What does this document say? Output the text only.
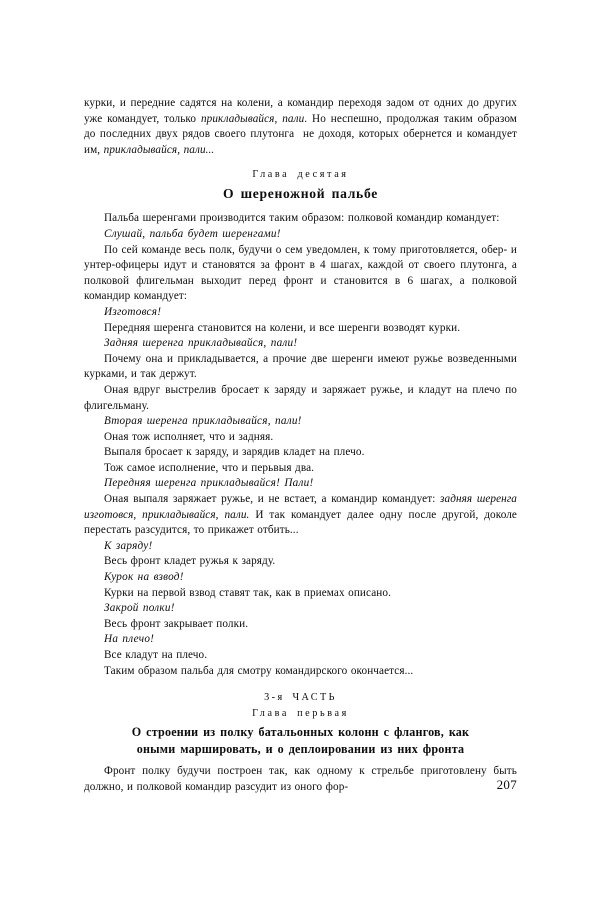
курки, и передние садятся на колени, а командир переходя задом от одних до других уже командует, только прикладывайся, пали. Но неспешно, продолжая таким образом до последних двух рядов своего плутонга  не доходя, которых обернется и командует им, прикладывайся, пали...

Глава десятая

О шереножной пальбе

Пальба шеренгами производится таким образом: полковой командир командует:

Слушай, пальба будет шеренгами!

По сей команде весь полк, будучи о сем уведомлен, к тому приготовляется, обер- и унтер-офицеры идут и становятся за фронт в 4 шагах, каждой от своего плутонга, а полковой флигельман выходит перед фронт и становится в 6 шагах, а полковой командир командует:

Изготовся!

Передняя шеренга становится на колени, и все шеренги возводят курки.

Задняя шеренга прикладывайся, пали!

Почему она и прикладывается, а прочие две шеренги имеют ружье возведенными курками, и так держут.

Оная вдруг выстрелив бросает к заряду и заряжает ружье, и кладут на плечо по флигельману.

Вторая шеренга прикладывайся, пали!

Оная тож исполняет, что и задняя.

Выпаля бросает к заряду, и зарядив кладет на плечо.

Тож самое исполнение, что и перьвыя два.

Передняя шеренга прикладывайся! Пали!

Оная выпаля заряжает ружье, и не встает, а командир командует: задняя шеренга изготовся, прикладывайся, пали. И так командует далее одну после другой, доколе перестать разсудится, то прикажет отбить...

К заряду!

Весь фронт кладет ружья к заряду.

Курок на взвод!

Курки на первой взвод ставят так, как в приемах описано.

Закрой полки!

Весь фронт закрывает полки.

На плечо!

Все кладут на плечо.

Таким образом пальба для смотру командирского окончается...

3-я ЧАСТЬ

Глава перьвая

О строении из полку батальонных колонн с флангов, как
оными маршировать, и о деплоировании из них фронта

Фронт полку будучи построен так, как одному к стрельбе приготовлену быть должно, и полковой командир разсудит из оного фор-	207
